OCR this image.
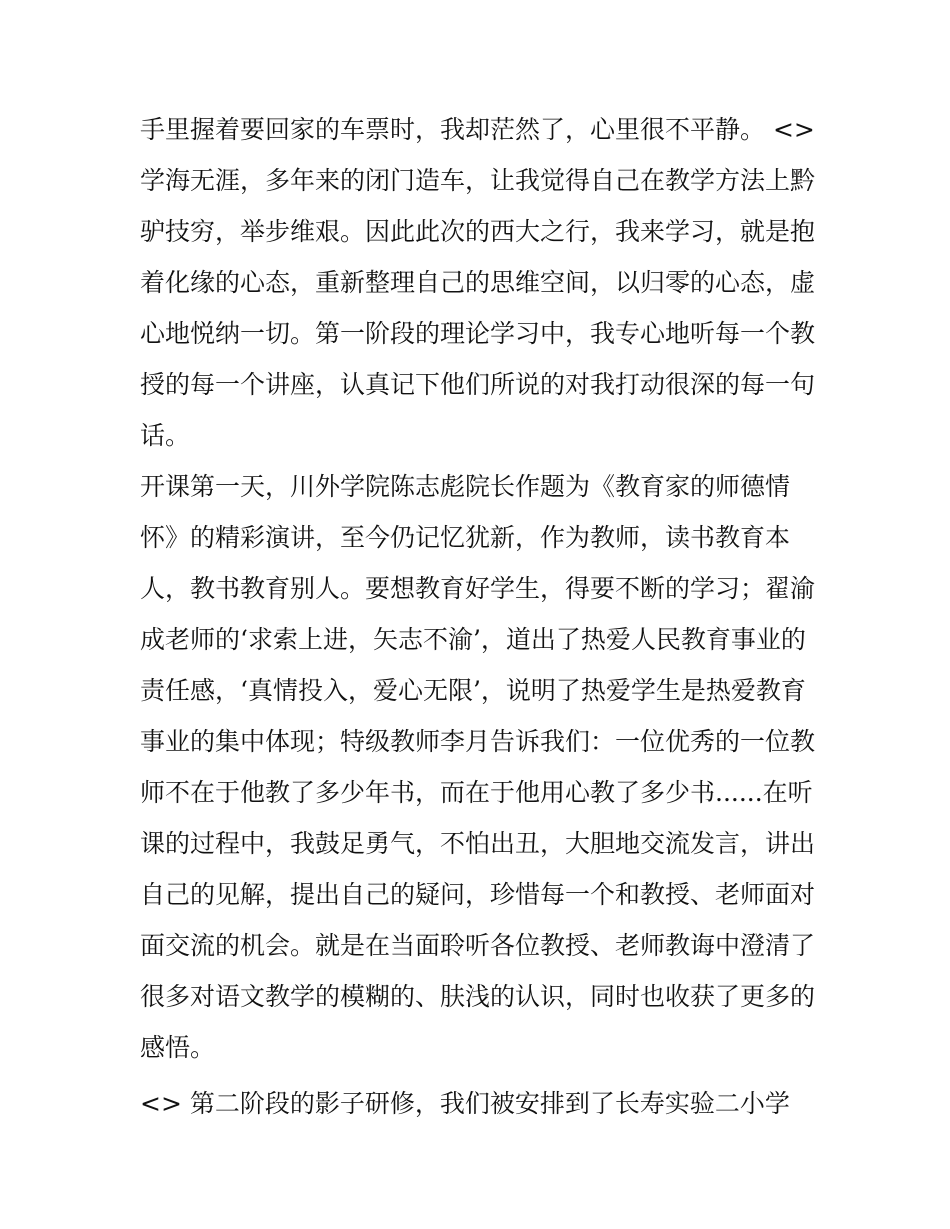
手里握着要回家的车票时，我却茫然了，心里很不平静。 <>
学海无涯，多年来的闭门造车，让我觉得自己在教学方法上黔
驴技穷，举步维艰。因此此次的西大之行，我来学习，就是抱
着化缘的心态，重新整理自己的思维空间，以归零的心态，虚
心地悦纳一切。第一阶段的理论学习中，我专心地听每一个教
授的每一个讲座，认真记下他们所说的对我打动很深的每一句
话。
开课第一天，川外学院陈志彪院长作题为《教育家的师德情
怀》的精彩演讲，至今仍记忆犹新，作为教师，读书教育本
人，教书教育别人。要想教育好学生，得要不断的学习；翟渝
成老师的‘求索上进，矢志不渝’，道出了热爱人民教育事业的
责任感，‘真情投入，爱心无限’，说明了热爱学生是热爱教育
事业的集中体现；特级教师李月告诉我们：一位优秀的一位教
师不在于他教了多少年书，而在于他用心教了多少书......在听
课的过程中，我鼓足勇气，不怕出丑，大胆地交流发言，讲出
自己的见解，提出自己的疑问，珍惜每一个和教授、老师面对
面交流的机会。就是在当面聆听各位教授、老师教诲中澄清了
很多对语文教学的模糊的、肤浅的认识，同时也收获了更多的
感悟。
<> 第二阶段的影子研修，我们被安排到了长寿实验二小学
